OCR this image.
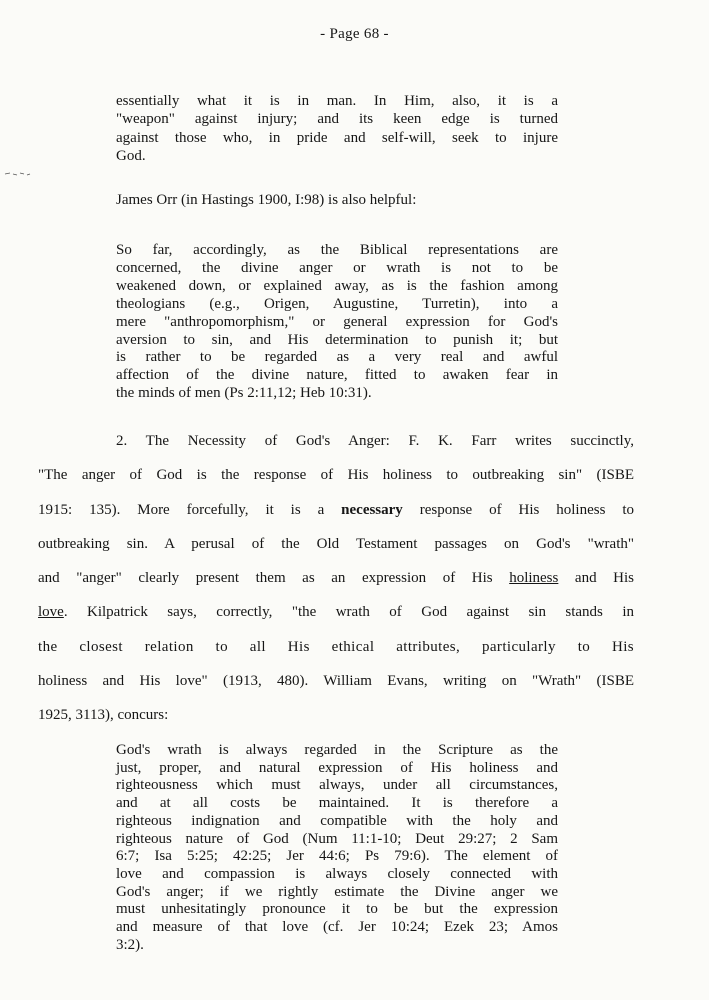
- Page 68 -
essentially what it is in man. In Him, also, it is a
"weapon" against injury; and its keen edge is turned
against those who, in pride and self-will, seek to injure
God.
James Orr (in Hastings 1900, I:98) is also helpful:
So far, accordingly, as the Biblical representations are
concerned, the divine anger or wrath is not to be
weakened down, or explained away, as is the fashion among
theologians (e.g., Origen, Augustine, Turretin), into a
mere "anthropomorphism," or general expression for God's
aversion to sin, and His determination to punish it; but
is rather to be regarded as a very real and awful
affection of the divine nature, fitted to awaken fear in
the minds of men (Ps 2:11,12; Heb 10:31).
2. The Necessity of God's Anger: F. K. Farr writes succinctly,
"The anger of God is the response of His holiness to outbreaking sin" (ISBE
1915: 135). More forcefully, it is a necessary response of His holiness to
outbreaking sin. A perusal of the Old Testament passages on God's "wrath"
and "anger" clearly present them as an expression of His holiness and His
love. Kilpatrick says, correctly, "the wrath of God against sin stands in
the closest relation to all His ethical attributes, particularly to His
holiness and His love" (1913, 480). William Evans, writing on "Wrath" (ISBE
1925, 3113), concurs:
God's wrath is always regarded in the Scripture as the
just, proper, and natural expression of His holiness and
righteousness which must always, under all circumstances,
and at all costs be maintained. It is therefore a
righteous indignation and compatible with the holy and
righteous nature of God (Num 11:1-10; Deut 29:27; 2 Sam
6:7; Isa 5:25; 42:25; Jer 44:6; Ps 79:6). The element of
love and compassion is always closely connected with
God's anger; if we rightly estimate the Divine anger we
must unhesitatingly pronounce it to be but the expression
and measure of that love (cf. Jer 10:24; Ezek 23; Amos
3:2).
